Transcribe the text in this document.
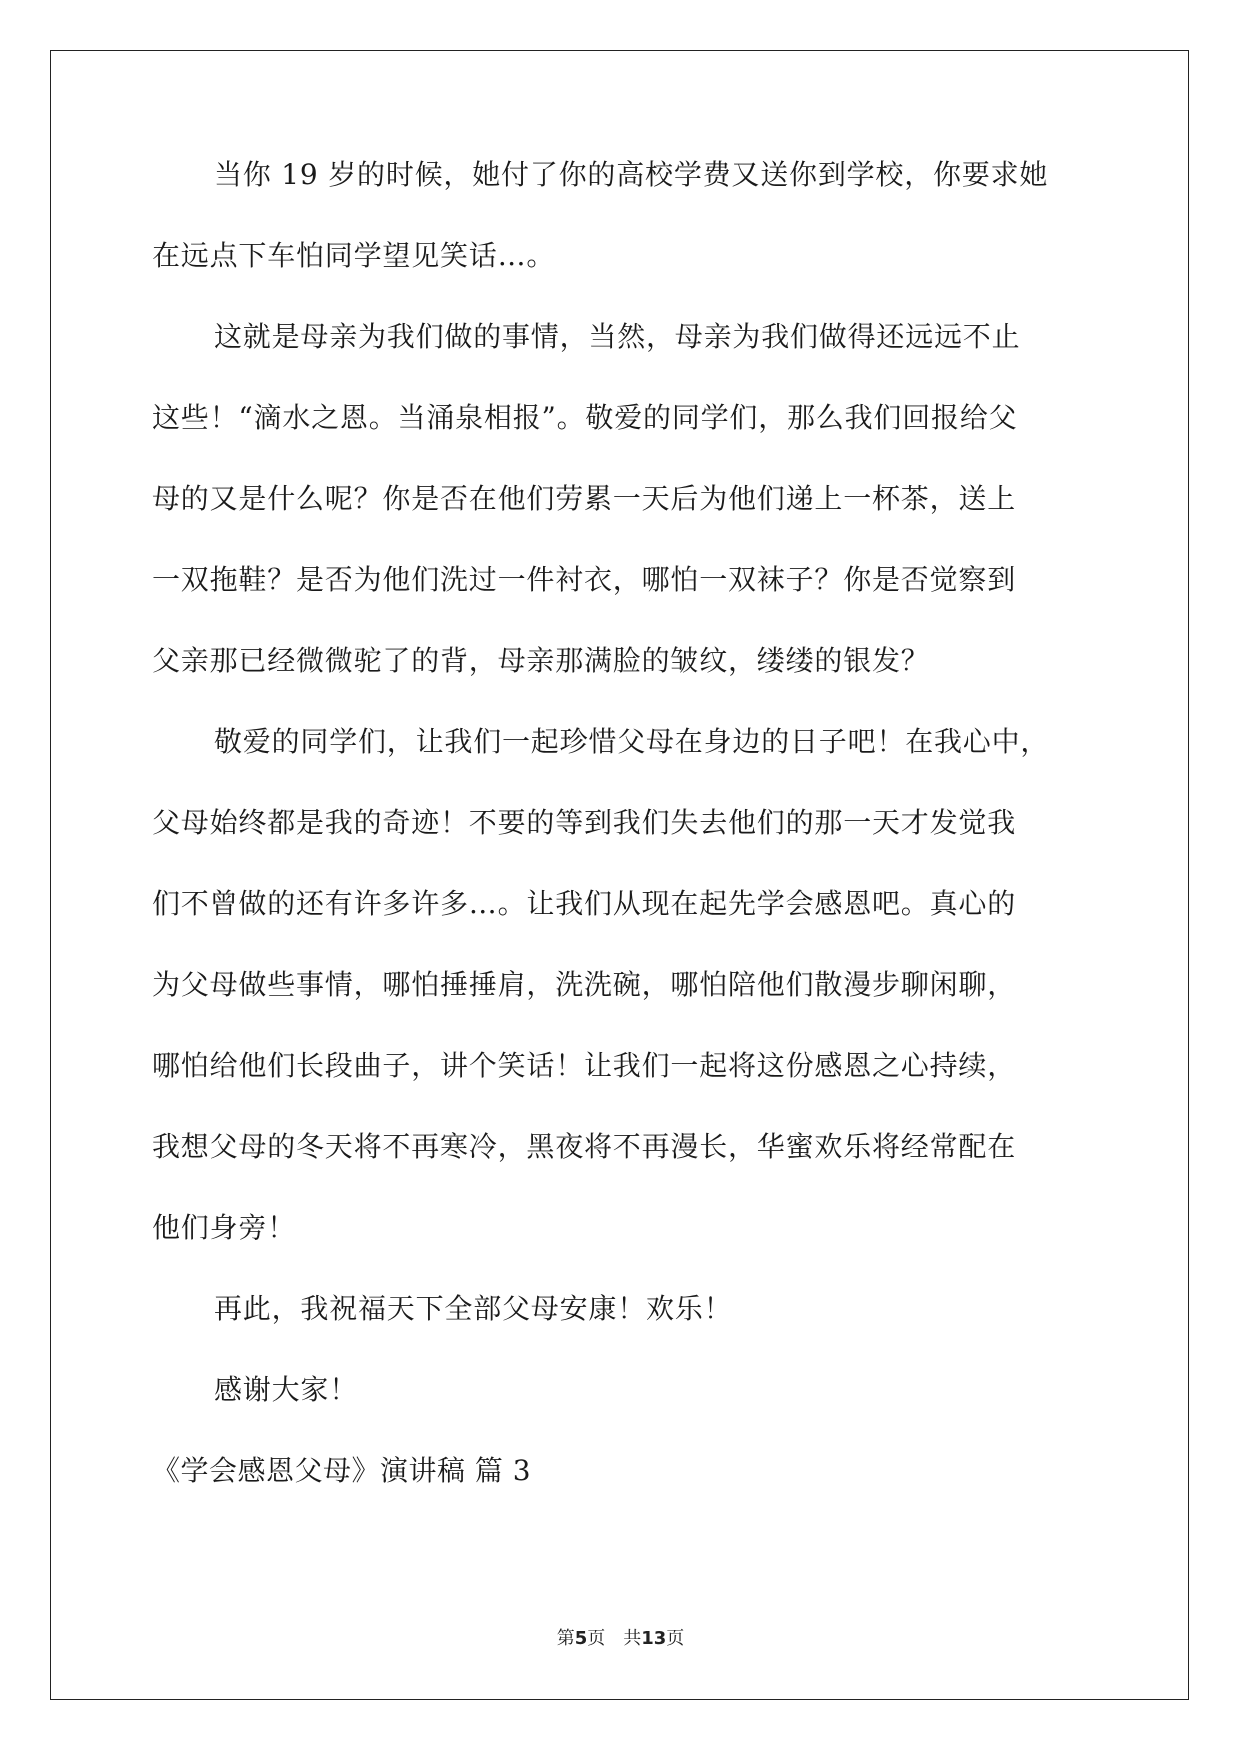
当你 19 岁的时候，她付了你的高校学费又送你到学校，你要求她

在远点下车怕同学望见笑话…。

这就是母亲为我们做的事情，当然，母亲为我们做得还远远不止

这些！“滴水之恩。当涌泉相报”。敬爱的同学们，那么我们回报给父

母的又是什么呢？你是否在他们劳累一天后为他们递上一杯茶，送上

一双拖鞋？是否为他们洗过一件衬衣，哪怕一双袜子？你是否觉察到

父亲那已经微微驼了的背，母亲那满脸的皱纹，缕缕的银发？

敬爱的同学们，让我们一起珍惜父母在身边的日子吧！在我心中，

父母始终都是我的奇迹！不要的等到我们失去他们的那一天才发觉我

们不曾做的还有许多许多…。让我们从现在起先学会感恩吧。真心的

为父母做些事情，哪怕捶捶肩，洗洗碗，哪怕陪他们散漫步聊闲聊，

哪怕给他们长段曲子，讲个笑话！让我们一起将这份感恩之心持续，

我想父母的冬天将不再寒冷，黑夜将不再漫长，华蜜欢乐将经常配在

他们身旁！

再此，我祝福天下全部父母安康！欢乐！

感谢大家！

《学会感恩父母》演讲稿 篇 3

第5页 共13页
